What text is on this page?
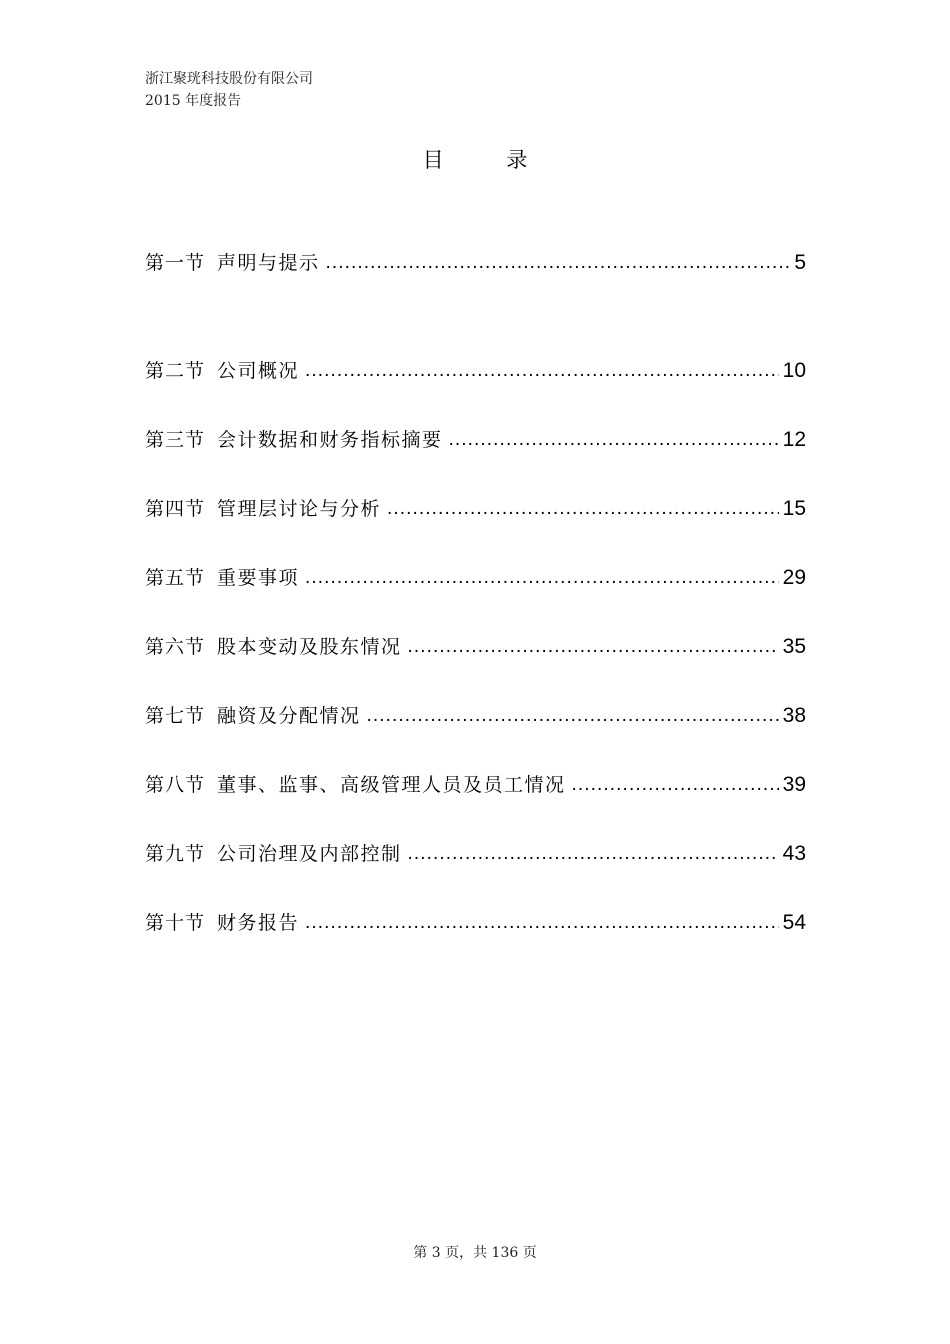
浙江聚珖科技股份有限公司
2015 年度报告
目 录
第一节 声明与提示 .....	5
第二节 公司概况 .....	10
第三节 会计数据和财务指标摘要 .....	12
第四节 管理层讨论与分析 .....	15
第五节 重要事项 .....	29
第六节 股本变动及股东情况 .....	35
第七节 融资及分配情况 .....	38
第八节 董事、监事、高级管理人员及员工情况 .....	39
第九节 公司治理及内部控制 .....	43
第十节 财务报告 .....	54
第 3 页，共 136 页
